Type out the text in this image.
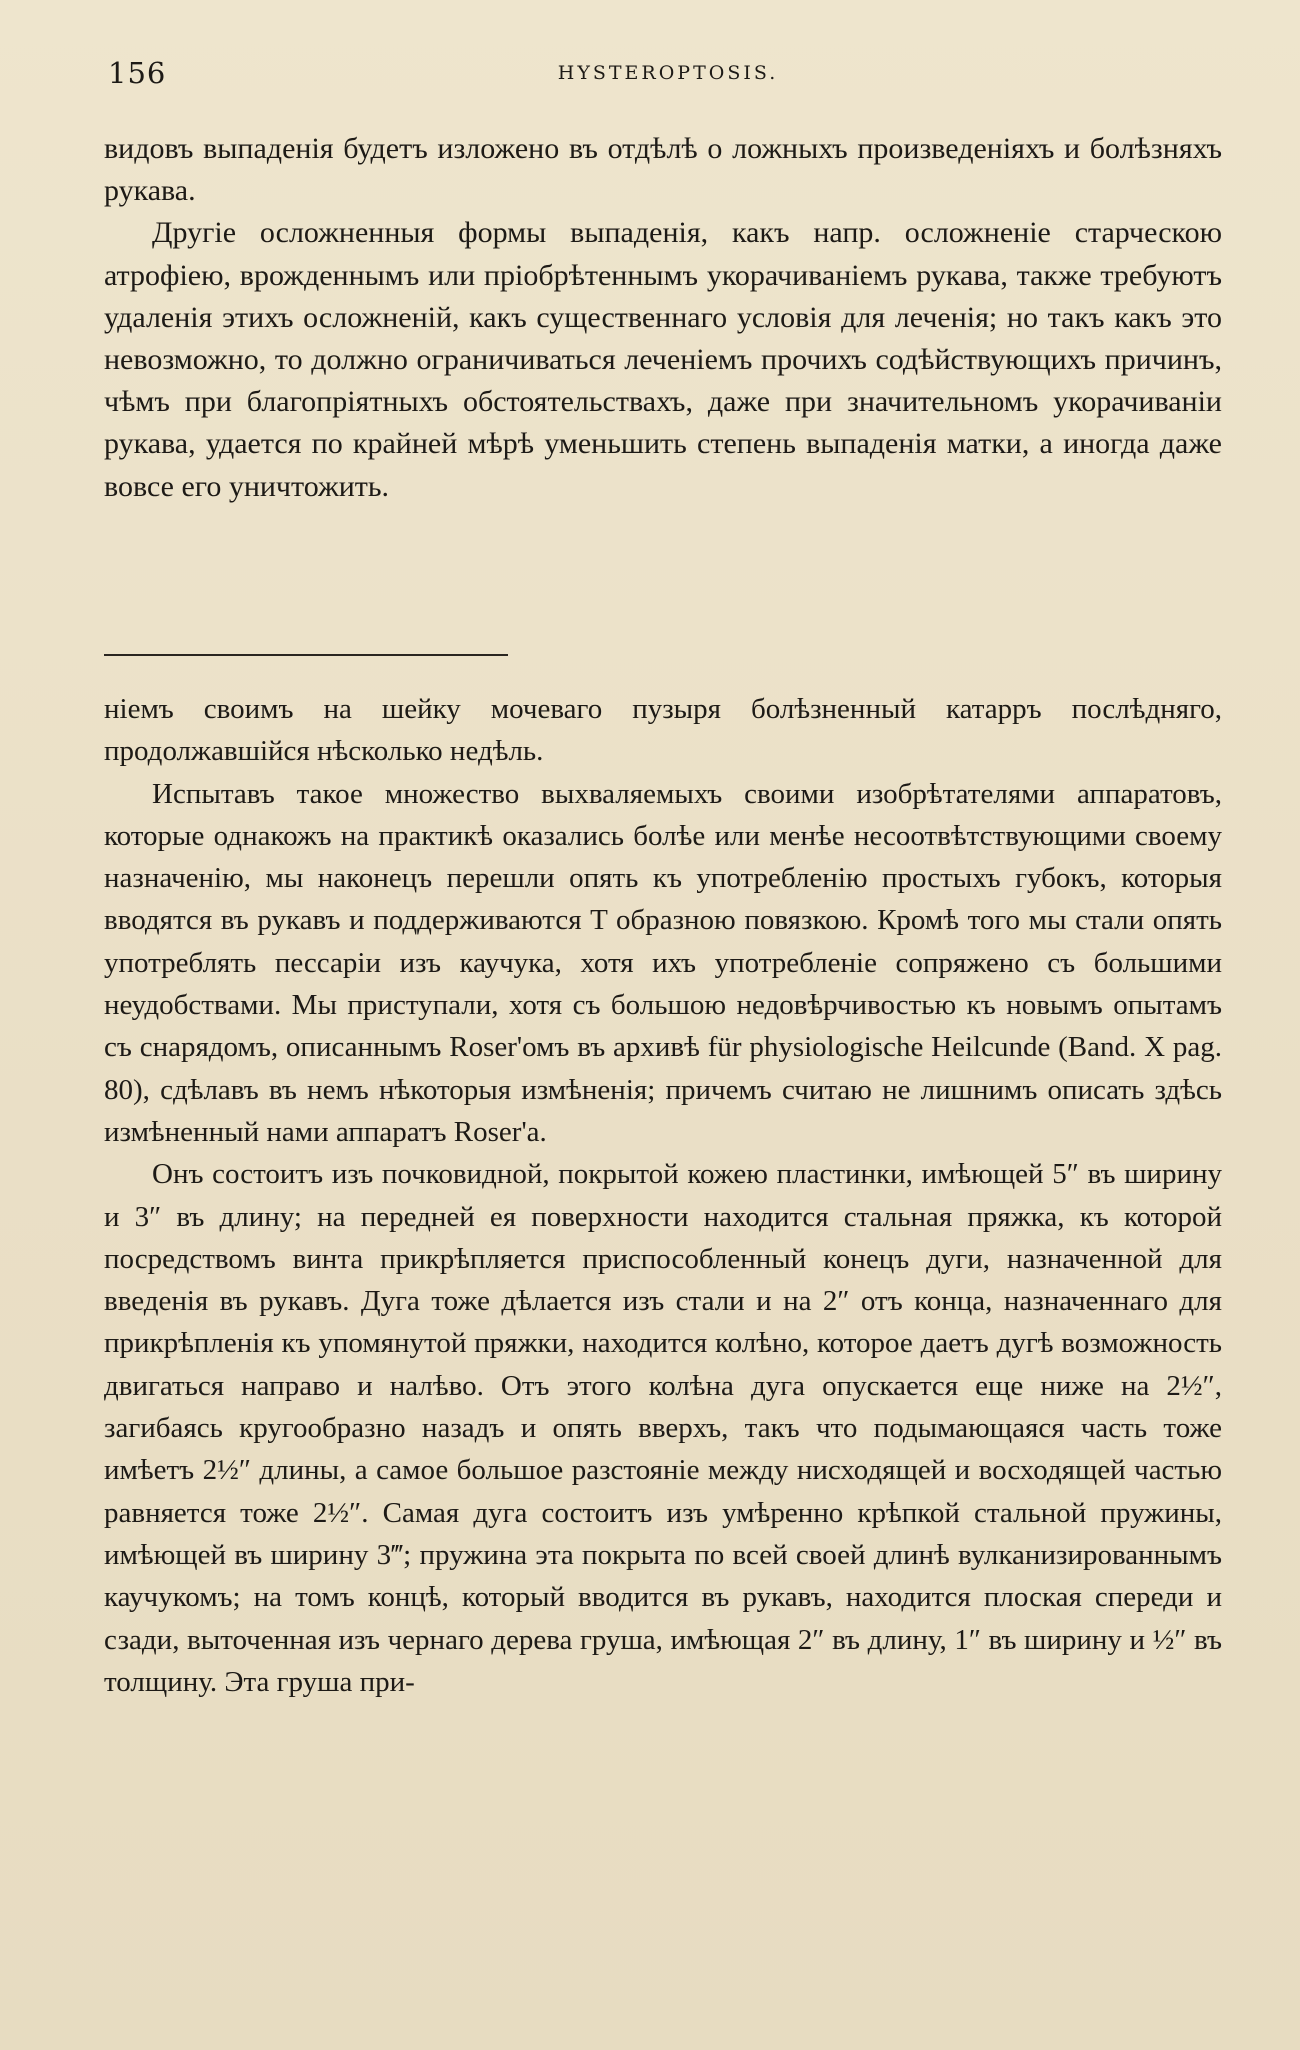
156	HYSTEROPTOSIS.

видовъ выпаденія будетъ изложено въ отдѣлѣ о ложныхъ произведеніяхъ и болѣзняхъ рукава.

Другіе осложненныя формы выпаденія, какъ напр. осложненіе старческою атрофіею, врожденнымъ или пріобрѣтеннымъ укорачиваніемъ рукава, также требуютъ удаленія этихъ осложненій, какъ существеннаго условія для леченія; но такъ какъ это невозможно, то должно ограничиваться леченіемъ прочихъ содѣйствующихъ причинъ, чѣмъ при благопріятныхъ обстоятельствахъ, даже при значительномъ укорачиваніи рукава, удается по крайней мѣрѣ уменьшить степень выпаденія матки, а иногда даже вовсе его уничтожить.

ніемъ своимъ на шейку мочеваго пузыря болѣзненный катарръ послѣдняго, продолжавшійся нѣсколько недѣль.

Испытавъ такое множество выхваляемыхъ своими изобрѣтателями аппаратовъ, которые однакожъ на практикѣ оказались болѣе или менѣе несоотвѣтствующими своему назначенію, мы наконецъ перешли опять къ употребленію простыхъ губокъ, которыя вводятся въ рукавъ и поддерживаются T образною повязкою. Кромѣ того мы стали опять употреблять пессаріи изъ каучука, хотя ихъ употребленіе сопряжено съ большими неудобствами. Мы приступали, хотя съ большою недовѣрчивостью къ новымъ опытамъ съ снарядомъ, описаннымъ Roser'омъ въ архивѣ für physiologische Heilcunde (Band. X pag. 80), сдѣлавъ въ немъ нѣкоторыя измѣненія; причемъ считаю не лишнимъ описать здѣсь измѣненный нами аппаратъ Roser'а.

Онъ состоитъ изъ почковидной, покрытой кожею пластинки, имѣющей 5″ въ ширину и 3″ въ длину; на передней ея поверхности находится стальная пряжка, къ которой посредствомъ винта прикрѣпляется приспособленный конецъ дуги, назначенной для введенія въ рукавъ. Дуга тоже дѣлается изъ стали и на 2″ отъ конца, назначеннаго для прикрѣпленія къ упомянутой пряжки, находится колѣно, которое даетъ дугѣ возможность двигаться направо и налѣво. Отъ этого колѣна дуга опускается еще ниже на 2½″, загибаясь кругообразно назадъ и опять вверхъ, такъ что подымающаяся часть тоже имѣетъ 2½″ длины, а самое большое разстояніе между нисходящей и восходящей частью равняется тоже 2½″. Самая дуга состоитъ изъ умѣренно крѣпкой стальной пружины, имѣющей въ ширину 3‴; пружина эта покрыта по всей своей длинѣ вулканизированнымъ каучукомъ; на томъ концѣ, который вводится въ рукавъ, находится плоская спереди и сзади, выточенная изъ чернаго дерева груша, имѣющая 2″ въ длину, 1″ въ ширину и ½″ въ толщину. Эта груша при-
